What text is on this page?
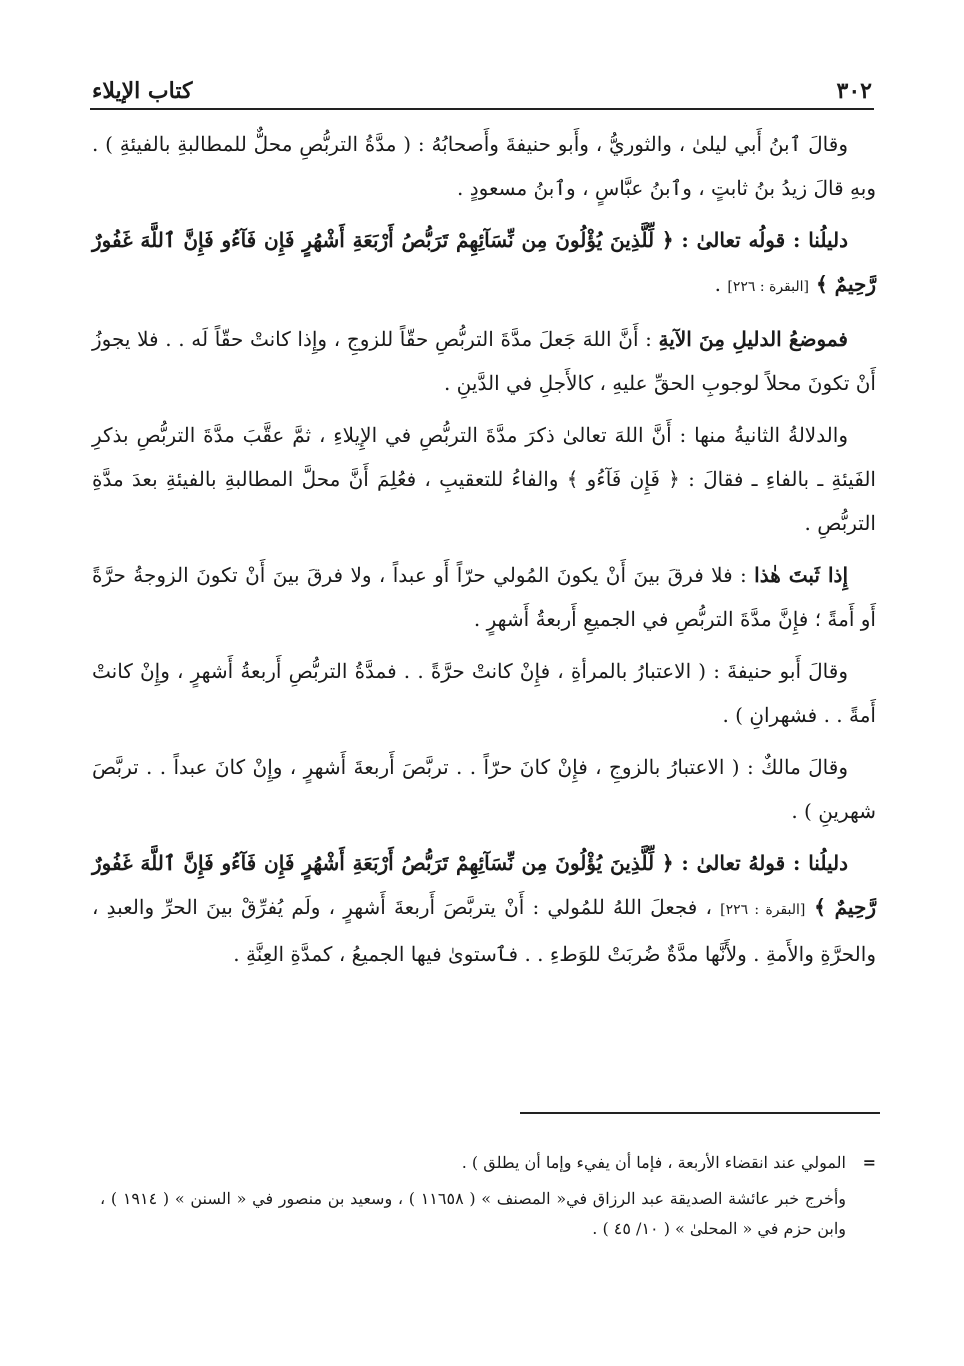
٣٠٢
كتاب الإيلاء

وقالَ ٱبنُ أَبي ليلىٰ ، والثوريُّ ، وأَبو حنيفةَ وأَصحابُهُ : ( مدَّةُ التربُّصِ محلٌّ للمطالبةِ بالفيئةِ ) . وبهِ قالَ زيدُ بنُ ثابتٍ ، وٱبنُ عبَّاسٍ ، وٱبنُ مسعودٍ .

دليلُنا : قولُه تعالىٰ : ﴿ لِّلَّذِينَ يُؤْلُونَ مِن نِّسَآئِهِمْ تَرَبُّصُ أَرْبَعَةِ أَشْهُرٍ فَإِن فَآءُو فَإِنَّ ٱللَّهَ غَفُورٌ رَّحِيمٌ ﴾ [البقرة : ٢٢٦] .

فموضعُ الدليلِ مِنَ الآيةِ : أَنَّ اللهَ جَعلَ مدَّةَ التربُّصِ حقّاً للزوجِ ، وإِذا كانتْ حقّاً لَه . . فلا يجوزُ أَنْ تكونَ محلاً لوجوبِ الحقِّ عليهِ ، كالأَجلِ في الدَّينِ .

والدلالةُ الثانيةُ منها : أَنَّ اللهَ تعالىٰ ذكرَ مدَّةَ التربُّصِ في الإِيلاءِ ، ثمَّ عقَّبَ مدَّةَ التربُّصِ بذكرِ الفَيئةِ ـ بالفاءِ ـ فقالَ : ﴿ فَإِن فَآءُو ﴾ والفاءُ للتعقيبِ ، فعُلِمَ أَنَّ محلَّ المطالبةِ بالفيئةِ بعدَ مدَّةِ التربُّصِ .

إِذا ثَبتَ هٰذا : فلا فرقَ بينَ أَنْ يكونَ المُولي حرّاً أَو عبداً ، ولا فرقَ بينَ أَنْ تكونَ الزوجةُ حرَّةً أَو أَمةً ؛ فإِنَّ مدَّةَ التربُّصِ في الجميعِ أَربعةُ أَشهرٍ .

وقالَ أَبو حنيفةَ : ( الاعتبارُ بالمرأةِ ، فإِنْ كانتْ حرَّةً . . فمدَّةُ التربُّصِ أَربعةُ أَشهرٍ ، وإِنْ كانتْ أَمةً . . فشهرانِ ) .

وقالَ مالكٌ : ( الاعتبارُ بالزوجِ ، فإِنْ كانَ حرّاً . . تربَّصَ أَربعةَ أَشهرٍ ، وإِنْ كانَ عبداً . . تربَّصَ شهرينِ ) .

دليلُنا : قولهُ تعالىٰ : ﴿ لِّلَّذِينَ يُؤْلُونَ مِن نِّسَآئِهِمْ تَرَبُّصُ أَرْبَعَةِ أَشْهُرٍ فَإِن فَآءُو فَإِنَّ ٱللَّهَ غَفُورٌ رَّحِيمٌ ﴾ [البقرة : ٢٢٦] ، فجعلَ اللهُ للمُولي : أَنْ يتربَّصَ أَربعةَ أَشهرٍ ، ولَم يُفرِّقْ بينَ الحرِّ والعبدِ ، والحرَّةِ والأَمةِ . ولأَنَّها مدَّةٌ ضُربَتْ للوَطءِ . . فٱستوىٰ فيها الجميعُ ، كمدَّةِ العِنَّةِ .

=المولي عند انقضاء الأربعة ، فإما أن يفيء وإما أن يطلق ) .

وأخرج خبر عائشة الصديقة عبد الرزاق في« المصنف » ( ١١٦٥٨ ) ، وسعيد بن منصور في « السنن » ( ١٩١٤ ) ، وابن حزم في « المحلىٰ » ( ١٠/ ٤٥ ) .
